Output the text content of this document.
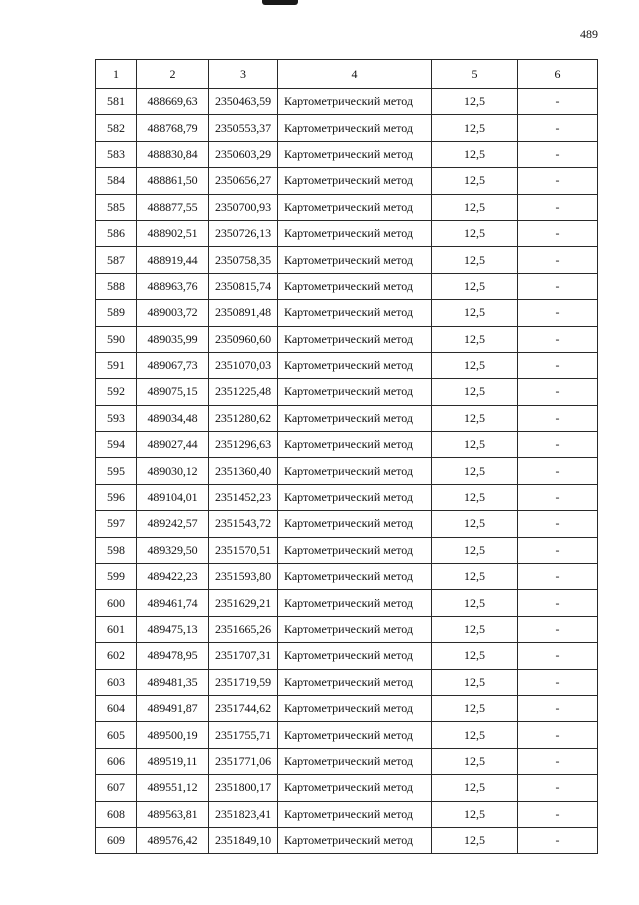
489
1	2	3	4	5	6
581	488669,63	2350463,59	Картометрический метод	12,5	-
582	488768,79	2350553,37	Картометрический метод	12,5	-
583	488830,84	2350603,29	Картометрический метод	12,5	-
584	488861,50	2350656,27	Картометрический метод	12,5	-
585	488877,55	2350700,93	Картометрический метод	12,5	-
586	488902,51	2350726,13	Картометрический метод	12,5	-
587	488919,44	2350758,35	Картометрический метод	12,5	-
588	488963,76	2350815,74	Картометрический метод	12,5	-
589	489003,72	2350891,48	Картометрический метод	12,5	-
590	489035,99	2350960,60	Картометрический метод	12,5	-
591	489067,73	2351070,03	Картометрический метод	12,5	-
592	489075,15	2351225,48	Картометрический метод	12,5	-
593	489034,48	2351280,62	Картометрический метод	12,5	-
594	489027,44	2351296,63	Картометрический метод	12,5	-
595	489030,12	2351360,40	Картометрический метод	12,5	-
596	489104,01	2351452,23	Картометрический метод	12,5	-
597	489242,57	2351543,72	Картометрический метод	12,5	-
598	489329,50	2351570,51	Картометрический метод	12,5	-
599	489422,23	2351593,80	Картометрический метод	12,5	-
600	489461,74	2351629,21	Картометрический метод	12,5	-
601	489475,13	2351665,26	Картометрический метод	12,5	-
602	489478,95	2351707,31	Картометрический метод	12,5	-
603	489481,35	2351719,59	Картометрический метод	12,5	-
604	489491,87	2351744,62	Картометрический метод	12,5	-
605	489500,19	2351755,71	Картометрический метод	12,5	-
606	489519,11	2351771,06	Картометрический метод	12,5	-
607	489551,12	2351800,17	Картометрический метод	12,5	-
608	489563,81	2351823,41	Картометрический метод	12,5	-
609	489576,42	2351849,10	Картометрический метод	12,5	-
